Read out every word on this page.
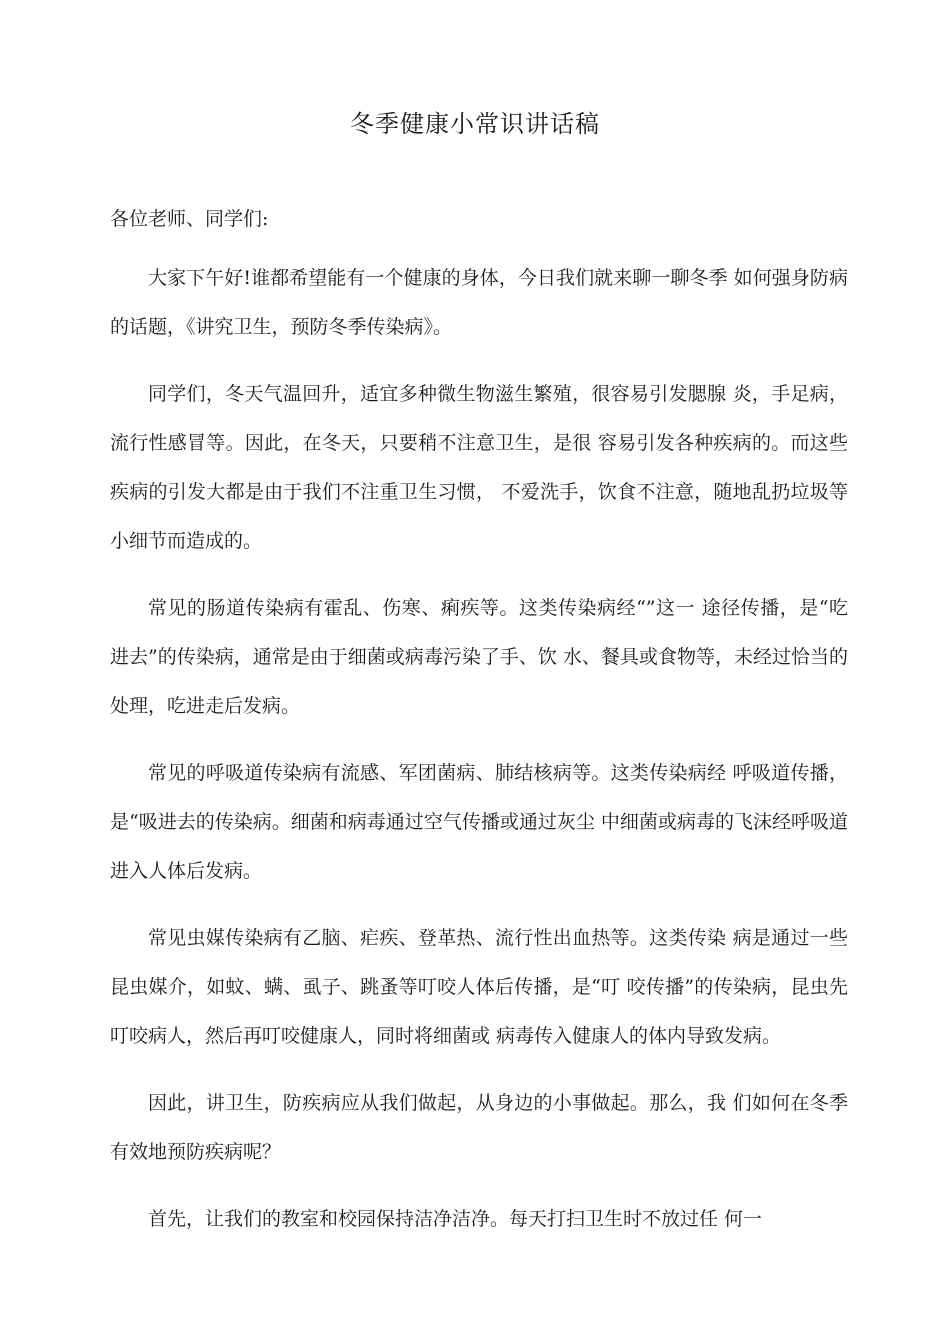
冬季健康小常识讲话稿

各位老师、同学们:

大家下午好!谁都希望能有一个健康的身体，今日我们就来聊一聊冬季 如何强身防病的话题，《讲究卫生，预防冬季传染病》。

同学们，冬天气温回升，适宜多种微生物滋生繁殖，很容易引发腮腺 炎，手足病，流行性感冒等。因此，在冬天，只要稍不注意卫生，是很 容易引发各种疾病的。而这些疾病的引发大都是由于我们不注重卫生习惯， 不爱洗手，饮食不注意，随地乱扔垃圾等小细节而造成的。

常见的肠道传染病有霍乱、伤寒、痢疾等。这类传染病经“”这一 途径传播，是“吃进去”的传染病，通常是由于细菌或病毒污染了手、饮 水、餐具或食物等，未经过恰当的处理，吃进走后发病。

常见的呼吸道传染病有流感、军团菌病、肺结核病等。这类传染病经 呼吸道传播，是“吸进去的传染病。细菌和病毒通过空气传播或通过灰尘 中细菌或病毒的飞沫经呼吸道进入人体后发病。

常见虫媒传染病有乙脑、疟疾、登革热、流行性出血热等。这类传染 病是通过一些昆虫媒介，如蚊、螨、虱子、跳蚤等叮咬人体后传播，是“叮 咬传播”的传染病，昆虫先叮咬病人，然后再叮咬健康人，同时将细菌或 病毒传入健康人的体内导致发病。

因此，讲卫生，防疾病应从我们做起，从身边的小事做起。那么，我 们如何在冬季有效地预防疾病呢？

首先，让我们的教室和校园保持洁净洁净。每天打扫卫生时不放过任 何一
